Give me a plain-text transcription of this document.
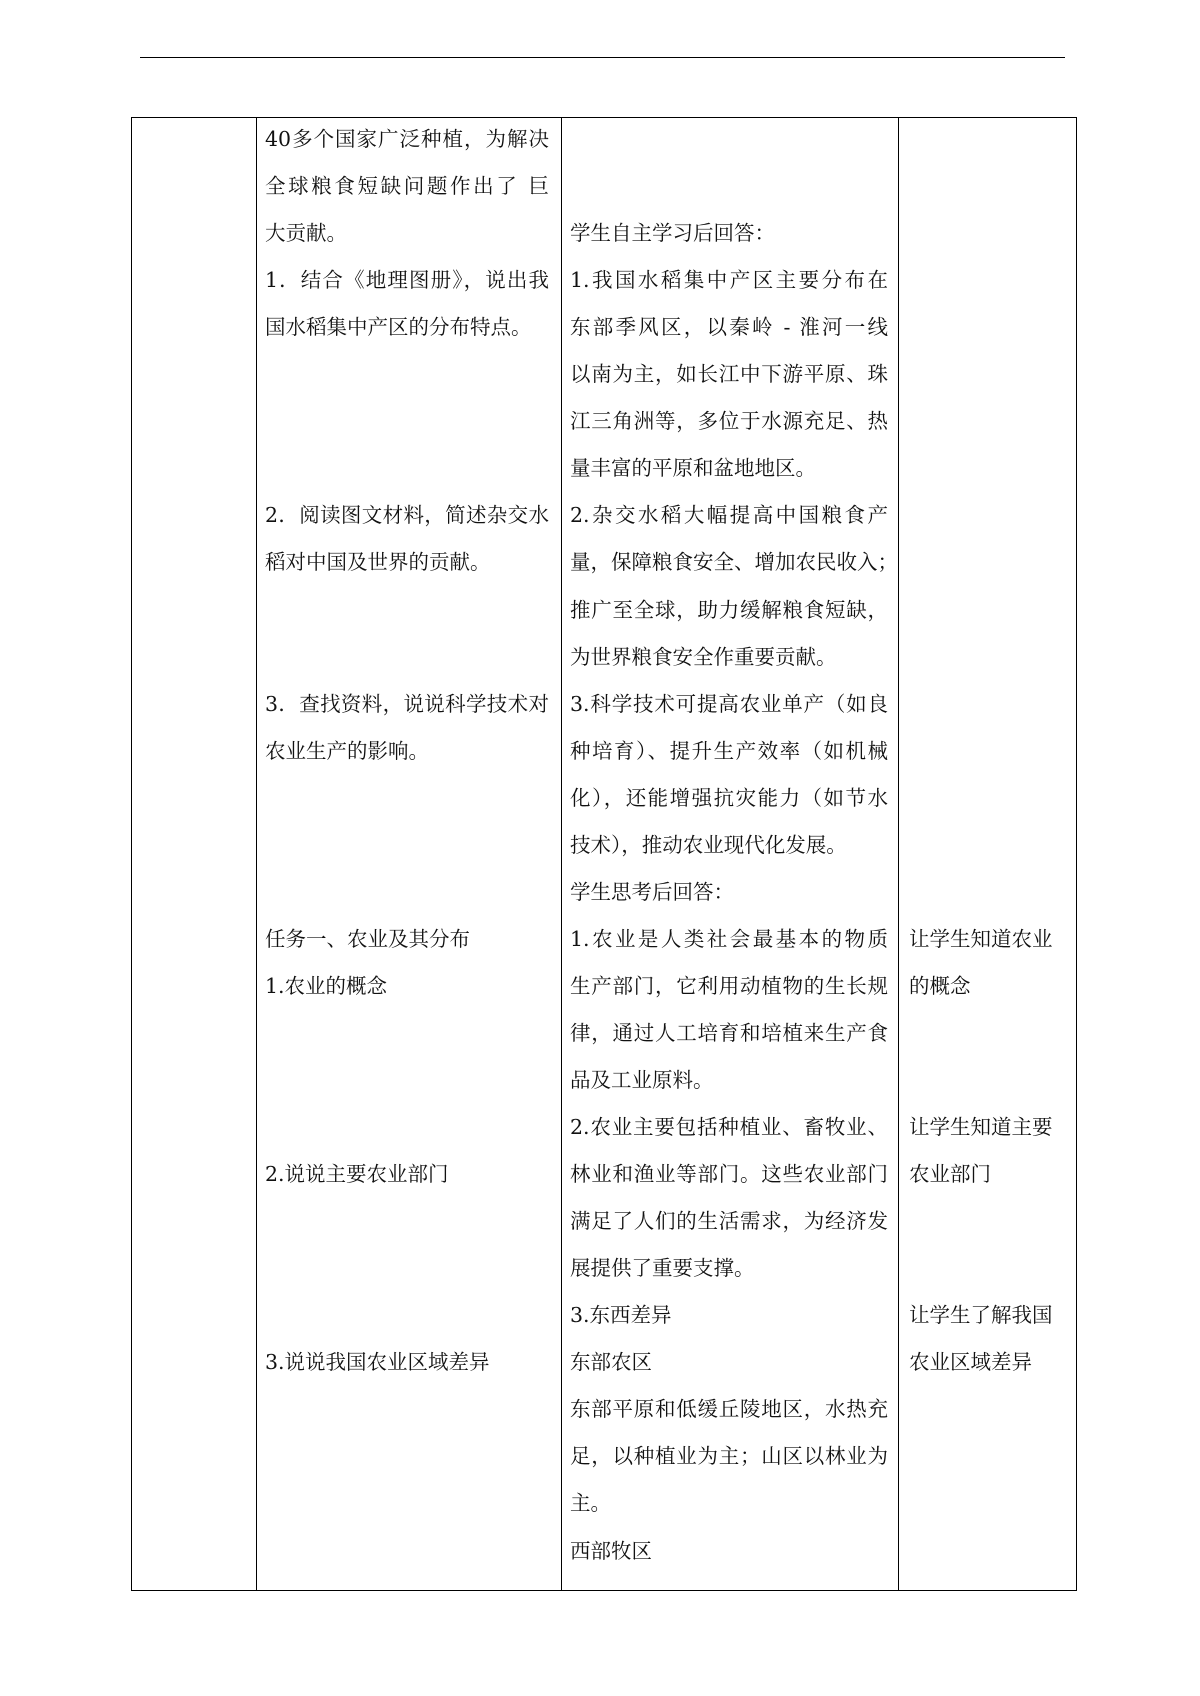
40多个国家广泛种植，为解决
全球粮食短缺问题作出了 巨
大贡献。
1．结合《地理图册》，说出我
国水稻集中产区的分布特点。
2．阅读图文材料，简述杂交水
稻对中国及世界的贡献。
3．查找资料，说说科学技术对
农业生产的影响。
任务一、农业及其分布
1.农业的概念
2.说说主要农业部门
3.说说我国农业区域差异
学生自主学习后回答：
1.我国水稻集中产区主要分布在
东部季风区，以秦岭 - 淮河一线
以南为主，如长江中下游平原、珠
江三角洲等，多位于水源充足、热
量丰富的平原和盆地地区。
2.杂交水稻大幅提高中国粮食产
量，保障粮食安全、增加农民收入；
推广至全球，助力缓解粮食短缺，
为世界粮食安全作重要贡献。
3.科学技术可提高农业单产（如良
种培育）、提升生产效率（如机械
化），还能增强抗灾能力（如节水
技术），推动农业现代化发展。
学生思考后回答：
1.农业是人类社会最基本的物质
生产部门，它利用动植物的生长规
律，通过人工培育和培植来生产食
品及工业原料。
2.农业主要包括种植业、畜牧业、
林业和渔业等部门。这些农业部门
满足了人们的生活需求，为经济发
展提供了重要支撑。
3.东西差异
东部农区
东部平原和低缓丘陵地区，水热充
足，以种植业为主；山区以林业为
主。
西部牧区
让学生知道农业
的概念
让学生知道主要
农业部门
让学生了解我国
农业区域差异
